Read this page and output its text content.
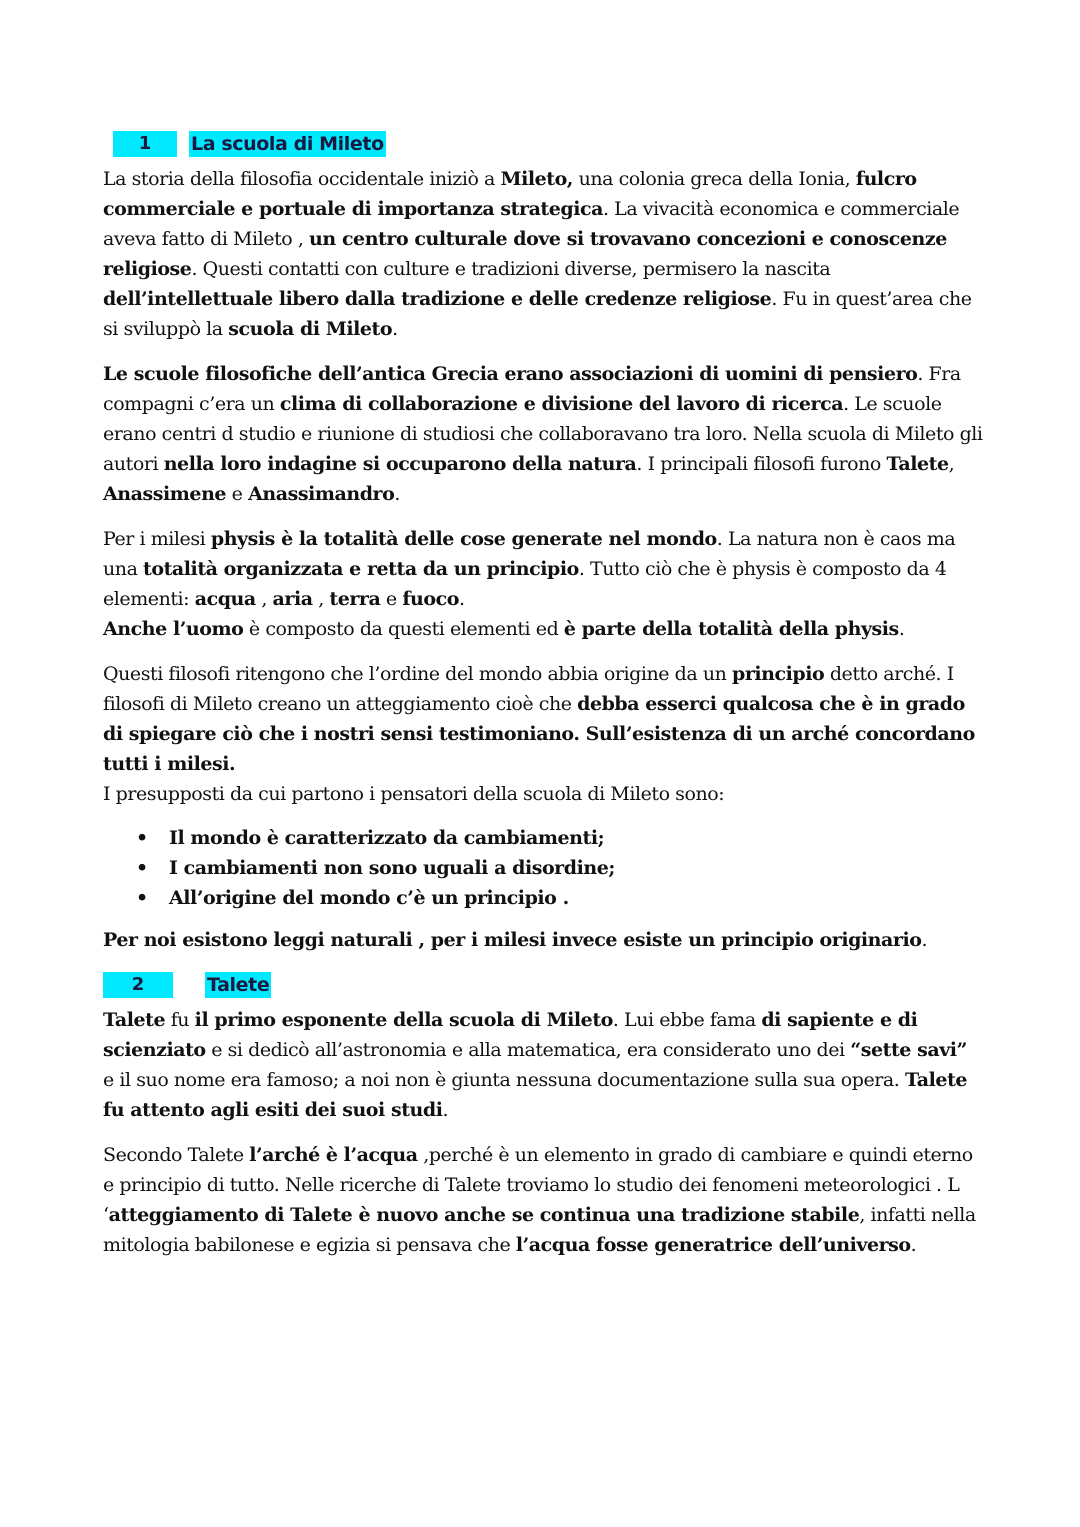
1	La scuola di Mileto

La storia della filosofia occidentale iniziò a Mileto, una colonia greca della Ionia, fulcro commerciale e portuale di importanza strategica. La vivacità economica e commerciale aveva fatto di Mileto , un centro culturale dove si trovavano concezioni e conoscenze religiose. Questi contatti con culture e tradizioni diverse, permisero la nascita dell’intellettuale libero dalla tradizione e delle credenze religiose. Fu in quest’area che si sviluppò la scuola di Mileto.

Le scuole filosofiche dell’antica Grecia erano associazioni di uomini di pensiero. Fra compagni c’era un clima di collaborazione e divisione del lavoro di ricerca. Le scuole erano centri d studio e riunione di studiosi che collaboravano tra loro. Nella scuola di Mileto gli autori nella loro indagine si occuparono della natura. I principali filosofi furono Talete, Anassimene e Anassimandro.

Per i milesi physis è la totalità delle cose generate nel mondo. La natura non è caos ma una totalità organizzata e retta da un principio. Tutto ciò che è physis è composto da 4 elementi: acqua , aria , terra e fuoco.

Anche l’uomo è composto da questi elementi ed è parte della totalità della physis.

Questi filosofi ritengono che l’ordine del mondo abbia origine da un principio detto arché. I filosofi di Mileto creano un atteggiamento cioè che debba esserci qualcosa che è in grado di spiegare ciò che i nostri sensi testimoniano. Sull’esistenza di un arché concordano tutti i milesi.

I presupposti da cui partono i pensatori della scuola di Mileto sono:

• Il mondo è caratterizzato da cambiamenti;
• I cambiamenti non sono uguali a disordine;
• All’origine del mondo c’è un principio .

Per noi esistono leggi naturali , per i milesi invece esiste un principio originario.

2	Talete

Talete fu il primo esponente della scuola di Mileto. Lui ebbe fama di sapiente e di scienziato e si dedicò all’astronomia e alla matematica, era considerato uno dei “sette savi” e il suo nome era famoso; a noi non è giunta nessuna documentazione sulla sua opera. Talete fu attento agli esiti dei suoi studi.

Secondo Talete l’arché è l’acqua ,perché è un elemento in grado di cambiare e quindi eterno e principio di tutto. Nelle ricerche di Talete troviamo lo studio dei fenomeni meteorologici . L ‘atteggiamento di Talete è nuovo anche se continua una tradizione stabile, infatti nella mitologia babilonese e egizia si pensava che l’acqua fosse generatrice dell’universo.
